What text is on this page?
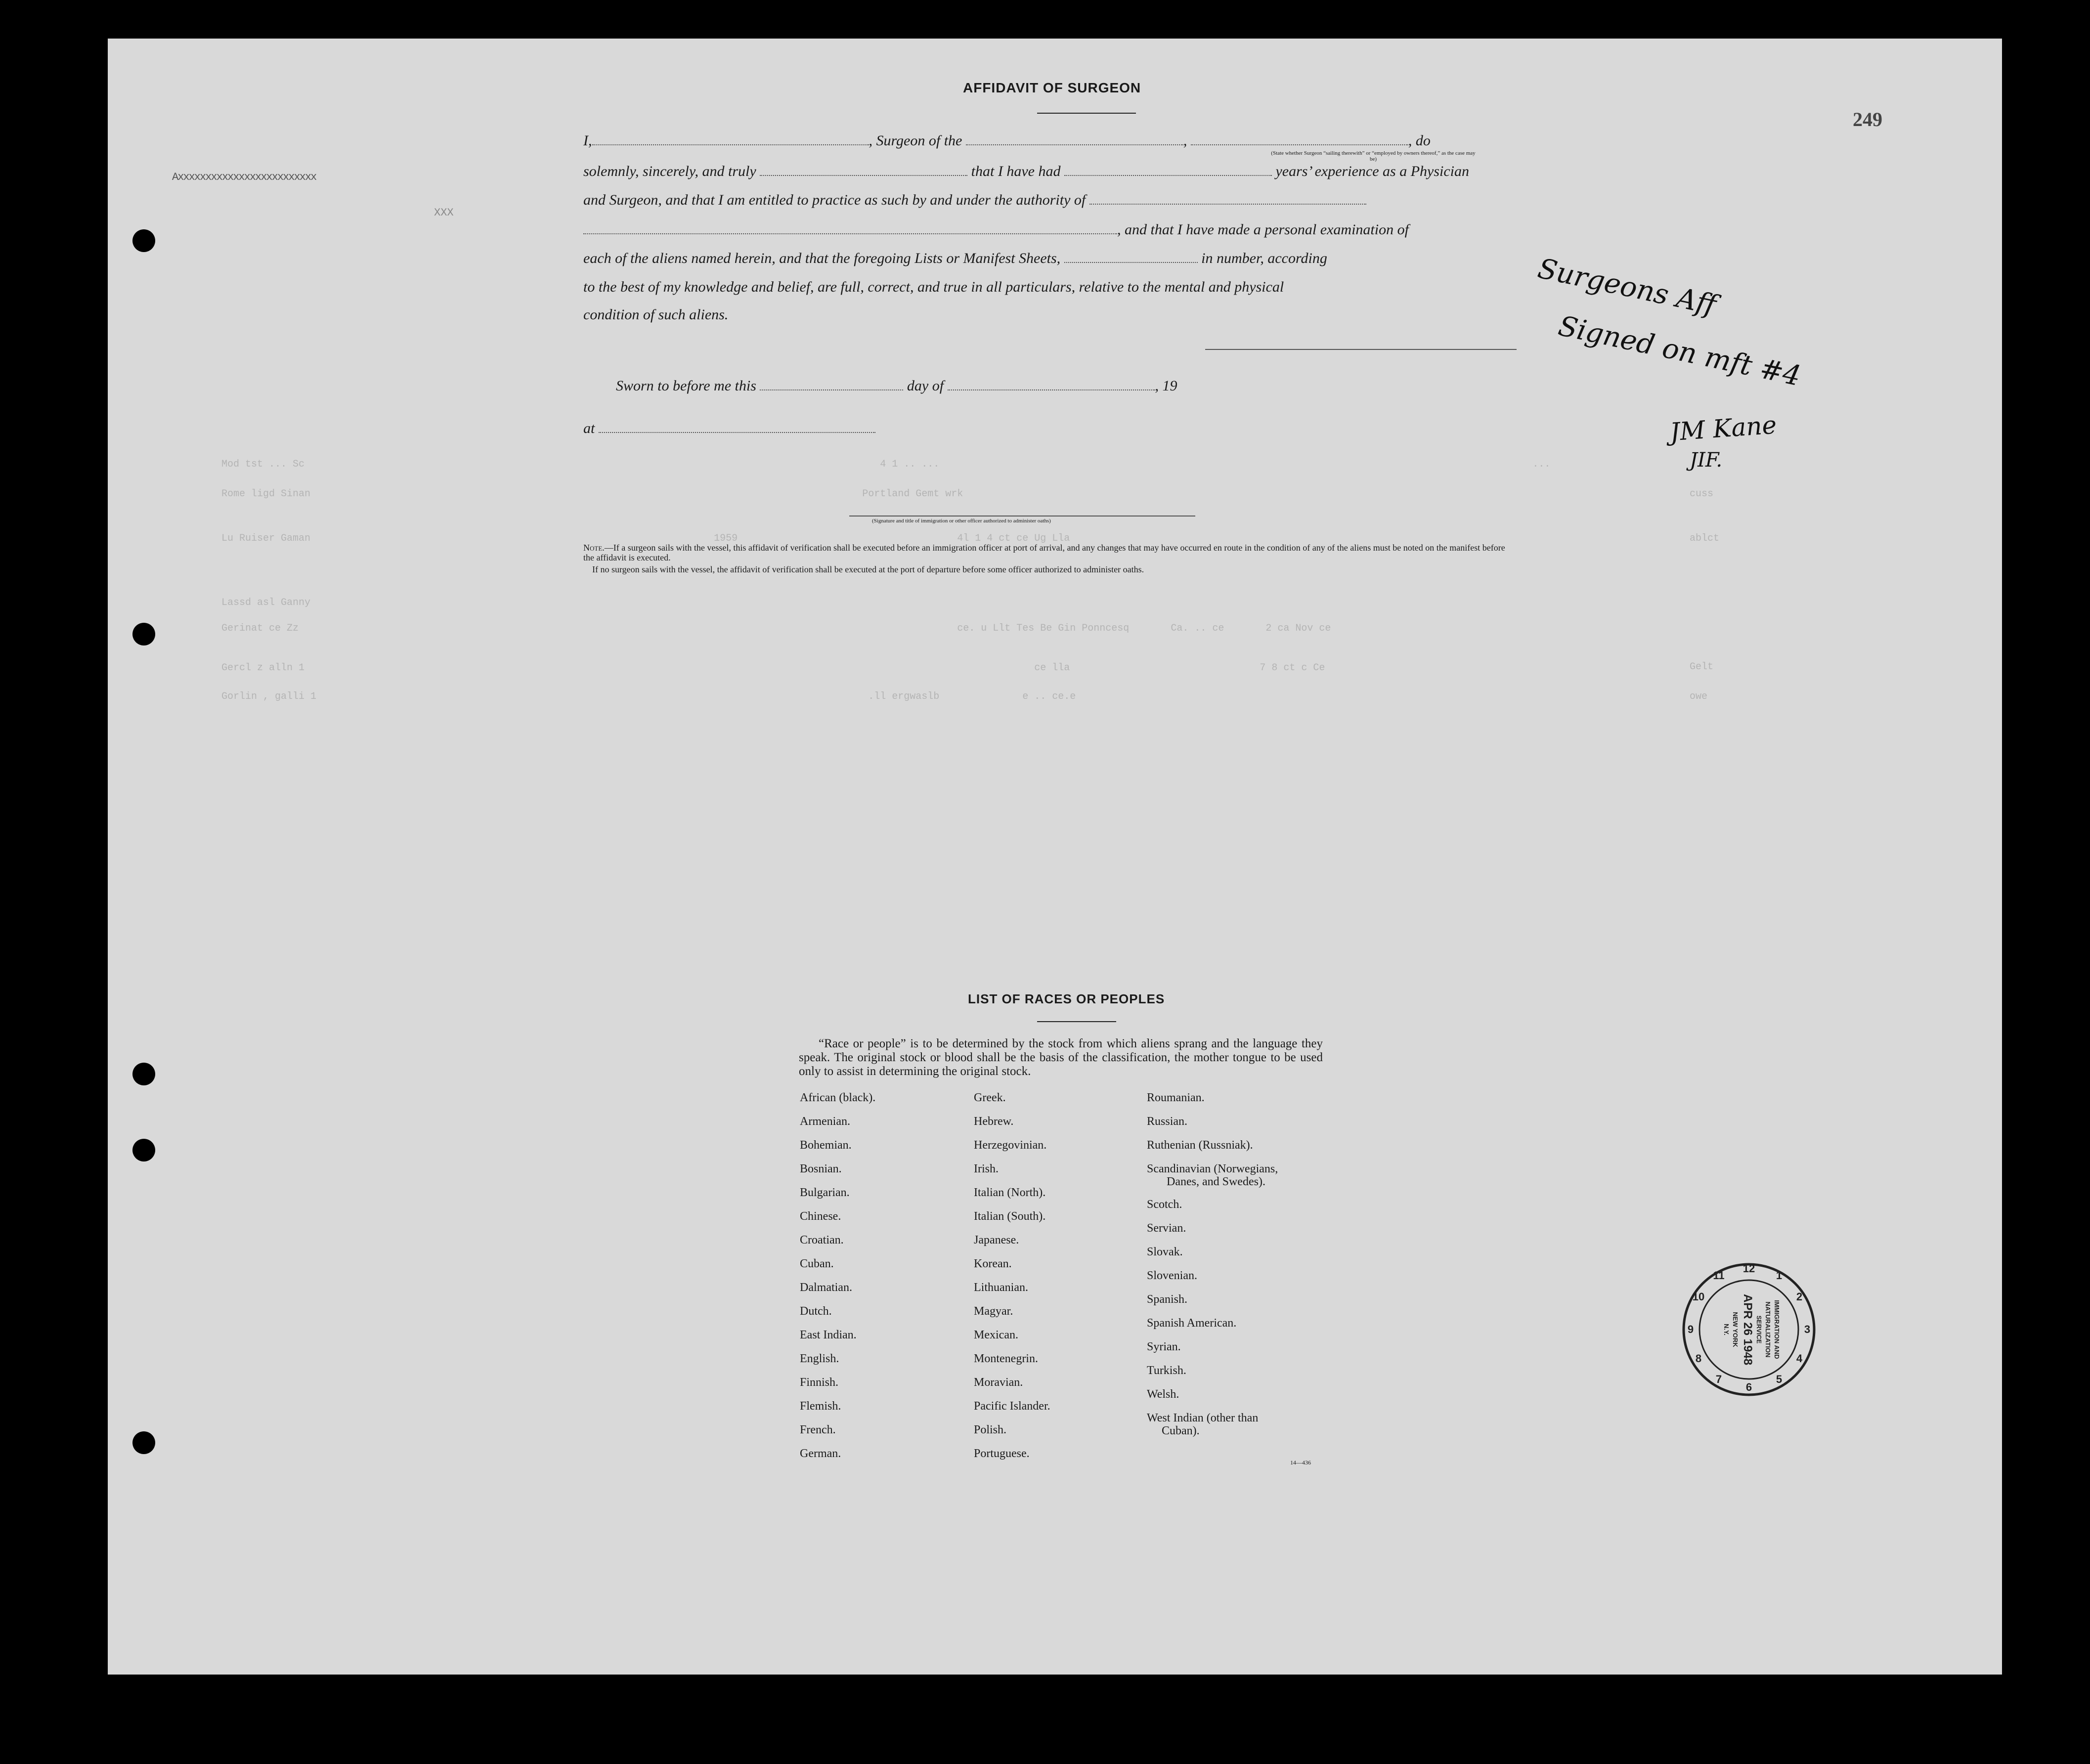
249
Axxxxxxxxxxxxxxxxxxxxxxxxx
XXX
Mod tst ... Sc                                                                                                 4 1 .. ...                                                                                                    ...
Rome ligd Sinan                                                                                             Portland Gemt wrk
Lu Ruiser Gaman                                                                    1959                                     4l 1 4 ct ce Ug Lla
Lassd asl Ganny
Gerinat ce Zz                                                                                                               ce. u Llt Tes Be Gin Ponncesq       Ca. .. ce       2 ca Nov ce
Gercl z alln 1                                                                                                                           ce lla                                7 8 ct c Ce
Gorlin , galli 1                                                                                             .ll ergwaslb              e .. ce.e
cuss
ablct
Gelt
owe
AFFIDAVIT OF SURGEON
I,	, Surgeon of the	,	, do
(State whether Surgeon “sailing therewith” or “employed by owners thereof,” as the case may be)
solemnly, sincerely, and truly	that I have had	years’ experience as a Physician
and Surgeon, and that I am entitled to practice as such by and under the authority of
, and that I have made a personal examination of
each of the aliens named herein, and that the foregoing Lists or Manifest Sheets,	in number, according
to the best of my knowledge and belief, are full, correct, and true in all particulars, relative to the mental and physical
condition of such aliens.
Sworn to before me this	day of	, 19
at
(Signature and title of immigration or other officer authorized to administer oaths)
Note.—If a surgeon sails with the vessel, this affidavit of verification shall be executed before an immigration officer at port of arrival, and any changes that may have occurred en route in the condition of any of the aliens must be noted on the manifest before the affidavit is executed.
If no surgeon sails with the vessel, the affidavit of verification shall be executed at the port of departure before some officer authorized to administer oaths.
Surgeons Aff
Signed on mft #4
JM Kane
JIF.
LIST OF RACES OR PEOPLES
“Race or people” is to be determined by the stock from which aliens sprang and the language they speak. The original stock or blood shall be the basis of the classification, the mother tongue to be used only to assist in determining the original stock.
African (black).
Armenian.
Bohemian.
Bosnian.
Bulgarian.
Chinese.
Croatian.
Cuban.
Dalmatian.
Dutch.
East Indian.
English.
Finnish.
Flemish.
French.
German.
Greek.
Hebrew.
Herzegovinian.
Irish.
Italian (North).
Italian (South).
Japanese.
Korean.
Lithuanian.
Magyar.
Mexican.
Montenegrin.
Moravian.
Pacific Islander.
Polish.
Portuguese.
Roumanian.
Russian.
Ruthenian (Russniak).
Scandinavian (Norwegians,
Danes, and Swedes).
Scotch.
Servian.
Slovak.
Slovenian.
Spanish.
Spanish American.
Syrian.
Turkish.
Welsh.
West Indian (other than
Cuban).
14—436
1
2
3
4
5
6
7
8
9
10
11
12
IMMIGRATION AND
NATURALIZATION
SERVICE
APR 26 1948
NEW YORK
N.Y.
